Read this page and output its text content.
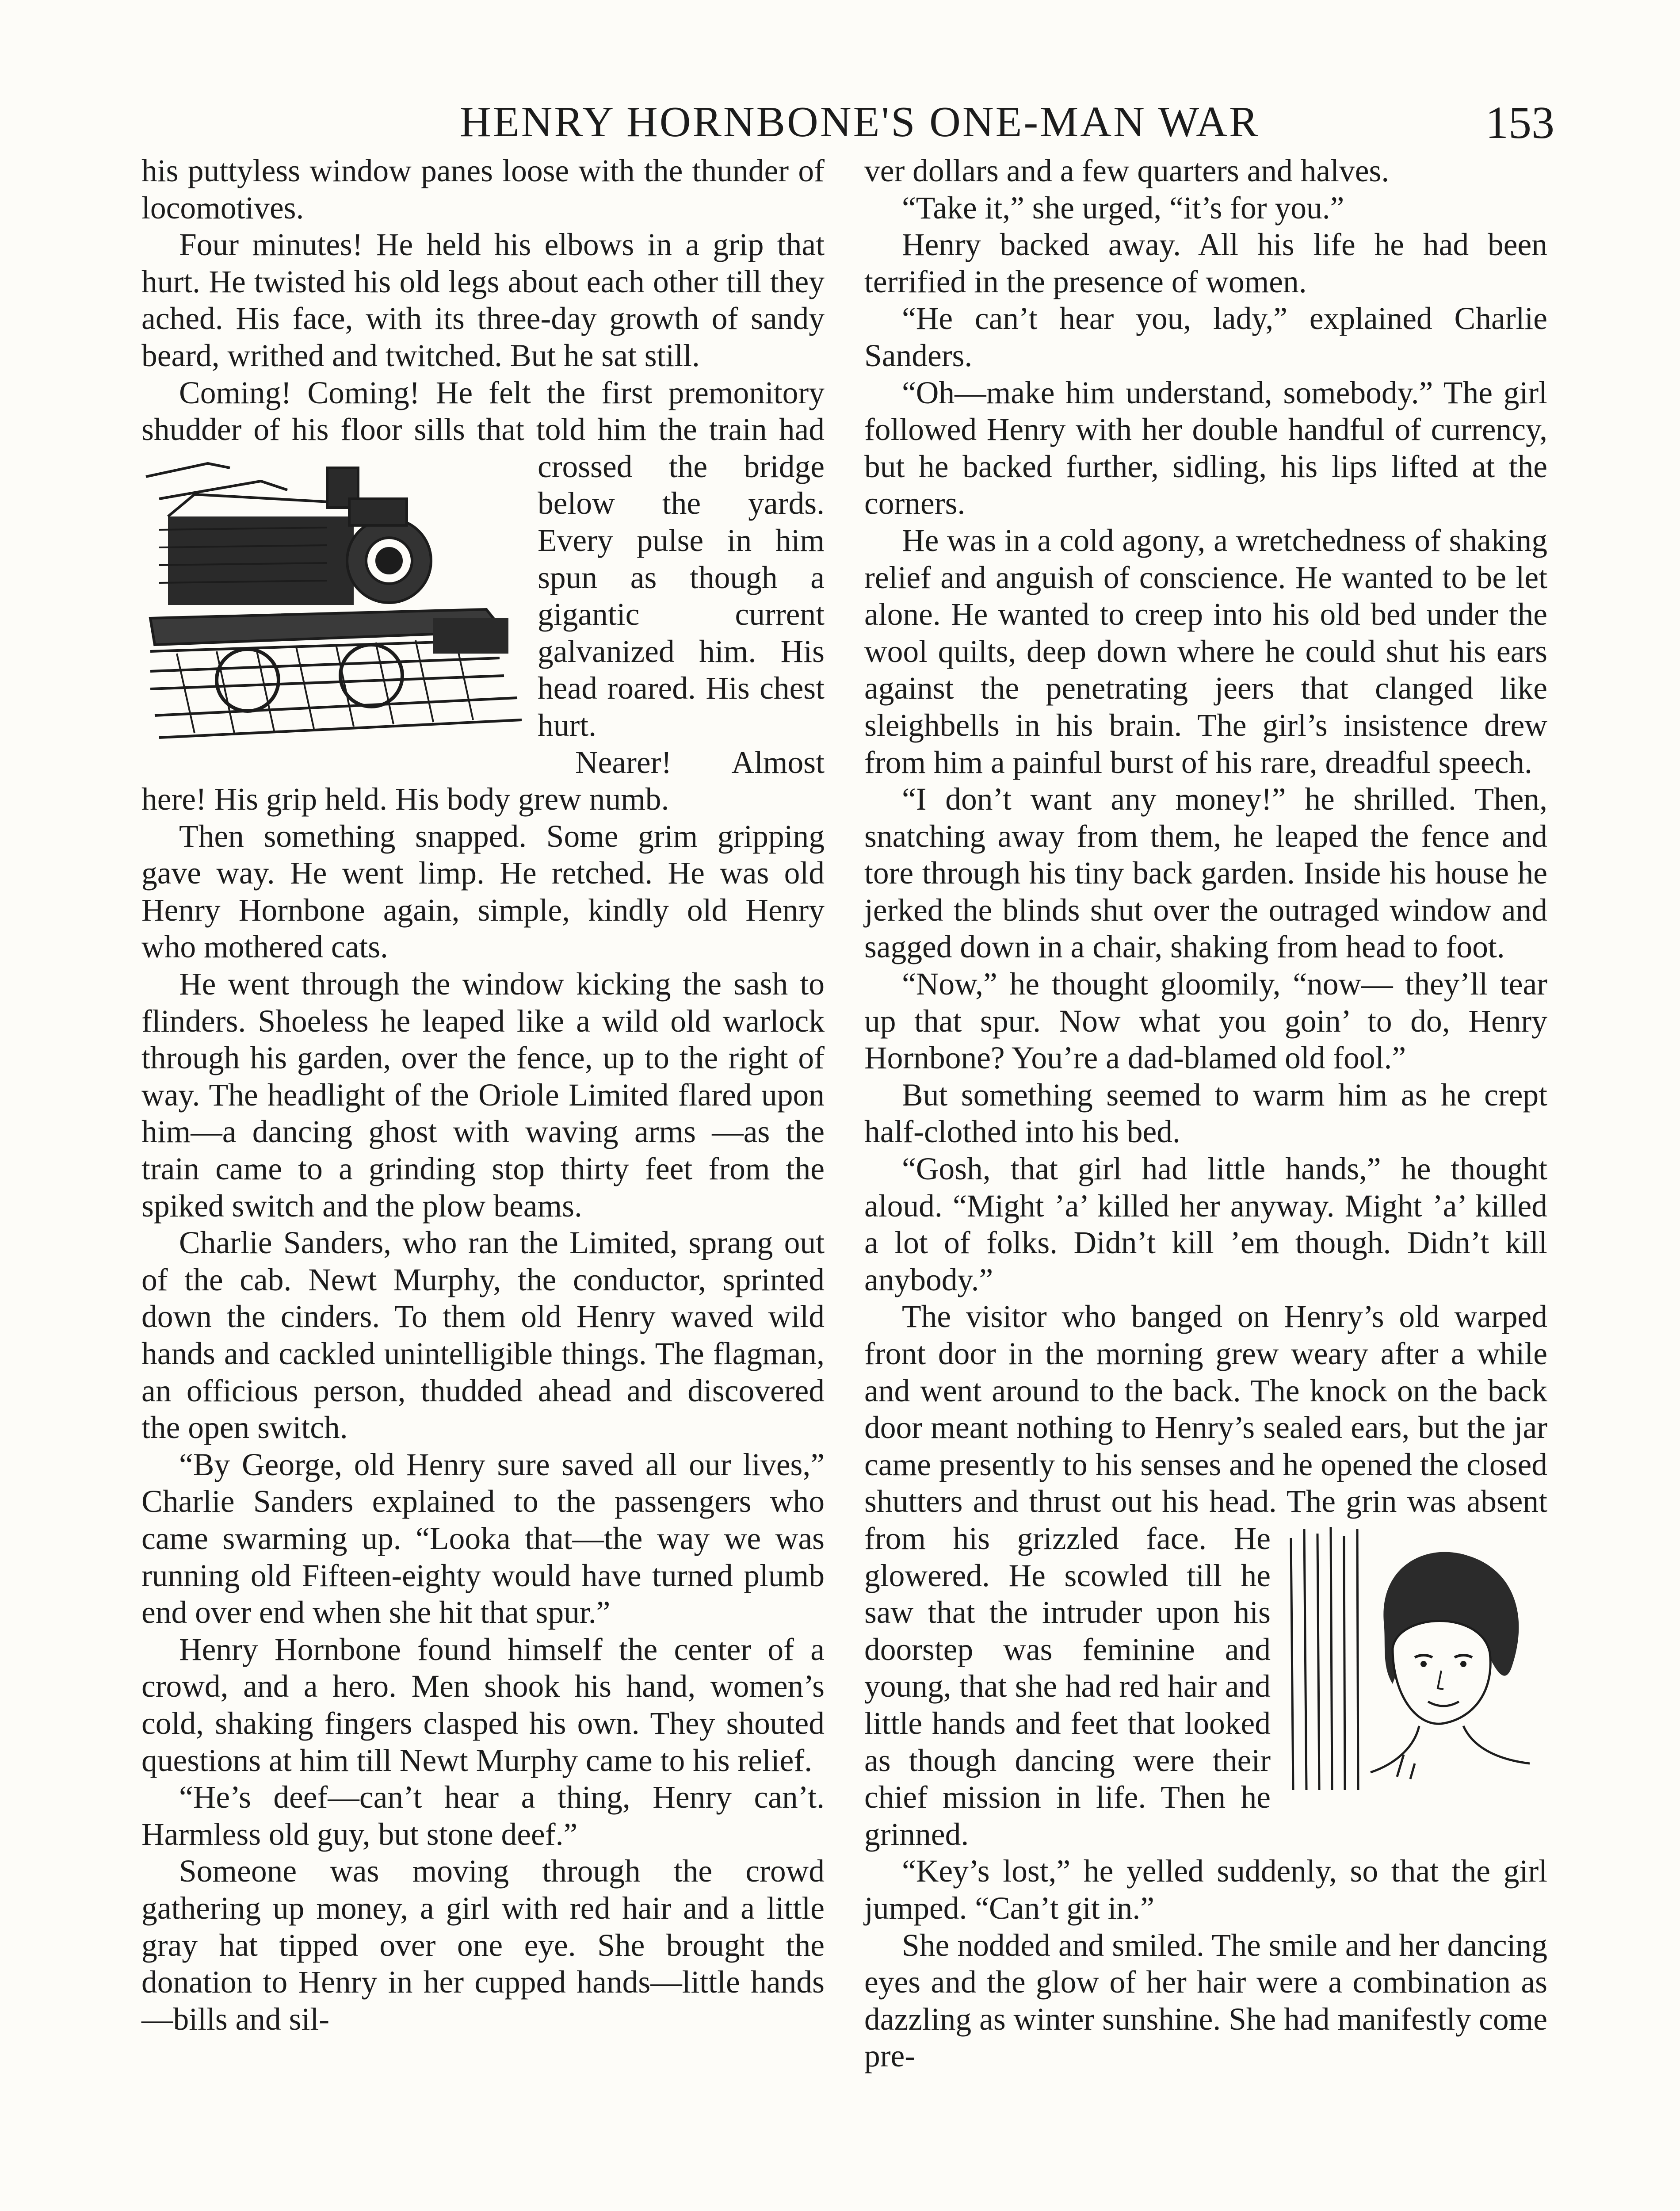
HENRY HORNBONE'S ONE-MAN WAR	153

his puttyless window panes loose with the thunder of locomotives.

Four minutes! He held his elbows in a grip that hurt. He twisted his old legs about each other till they ached. His face, with its three-day growth of sandy beard, writhed and twitched. But he sat still.

Coming! Coming! He felt the first premonitory shudder of his floor sills that
told him the train had crossed the bridge below the yards. Every pulse in him spun as though a gigantic current galvanized him. His head roared. His chest hurt.

Nearer! Almost here! His grip held. His body grew numb.

Then something snapped. Some grim gripping gave way. He went limp. He retched. He was old Henry Hornbone again, simple, kindly old Henry who mothered cats.

He went through the window kicking the sash to flinders. Shoeless he leaped like a wild old warlock through his garden, over the fence, up to the right of way. The headlight of the Oriole Limited flared upon him—a dancing ghost with waving arms —as the train came to a grinding stop thirty feet from the spiked switch and the plow beams.

Charlie Sanders, who ran the Limited, sprang out of the cab. Newt Murphy, the conductor, sprinted down the cinders. To them old Henry waved wild hands and cackled unintelligible things. The flagman, an officious person, thudded ahead and discovered the open switch.

“By George, old Henry sure saved all our lives,” Charlie Sanders explained to the passengers who came swarming up. “Looka that—the way we was running old Fifteen-eighty would have turned plumb end over end when she hit that spur.”

Henry Hornbone found himself the center of a crowd, and a hero. Men shook his hand, women’s cold, shaking fingers clasped his own. They shouted questions at him till Newt Murphy came to his relief.

“He’s deef—can’t hear a thing, Henry can’t. Harmless old guy, but stone deef.”

Someone was moving through the crowd gathering up money, a girl with red hair and a little gray hat tipped over one eye. She brought the donation to Henry in her cupped hands—little hands—bills and sil-

ver dollars and a few quarters and halves.

“Take it,” she urged, “it’s for you.”

Henry backed away. All his life he had been terrified in the presence of women.

“He can’t hear you, lady,” explained Charlie Sanders.

“Oh—make him understand, somebody.” The girl followed Henry with her double handful of currency, but he backed further, sidling, his lips lifted at the corners.

He was in a cold agony, a wretchedness of shaking relief and anguish of conscience. He wanted to be let alone. He wanted to creep into his old bed under the wool quilts, deep down where he could shut his ears against the penetrating jeers that clanged like sleighbells in his brain. The girl’s insistence drew from him a painful burst of his rare, dreadful speech.

“I don’t want any money!” he shrilled. Then, snatching away from them, he leaped the fence and tore through his tiny back garden. Inside his house he jerked the blinds shut over the outraged window and sagged down in a chair, shaking from head to foot.

“Now,” he thought gloomily, “now— they’ll tear up that spur. Now what you goin’ to do, Henry Hornbone? You’re a dad-blamed old fool.”

But something seemed to warm him as he crept half-clothed into his bed.

“Gosh, that girl had little hands,” he thought aloud. “Might ’a’ killed her anyway. Might ’a’ killed a lot of folks. Didn’t kill ’em though. Didn’t kill anybody.”

The visitor who banged on Henry’s old warped front door in the morning grew weary after a while and went around to the back. The knock on the back door meant nothing to Henry’s sealed ears, but the jar came presently to his senses and he opened the closed shutters and thrust out his head. The grin was absent from his grizzled face.
He glowered. He scowled till he saw that the intruder upon his doorstep was feminine and young, that she had red hair and little hands and feet that looked as though dancing were their chief mission in life. Then he grinned.

“Key’s lost,” he yelled suddenly, so that the girl jumped. “Can’t git in.”

She nodded and smiled. The smile and her dancing eyes and the glow of her hair were a combination as dazzling as winter sunshine. She had manifestly come pre-
